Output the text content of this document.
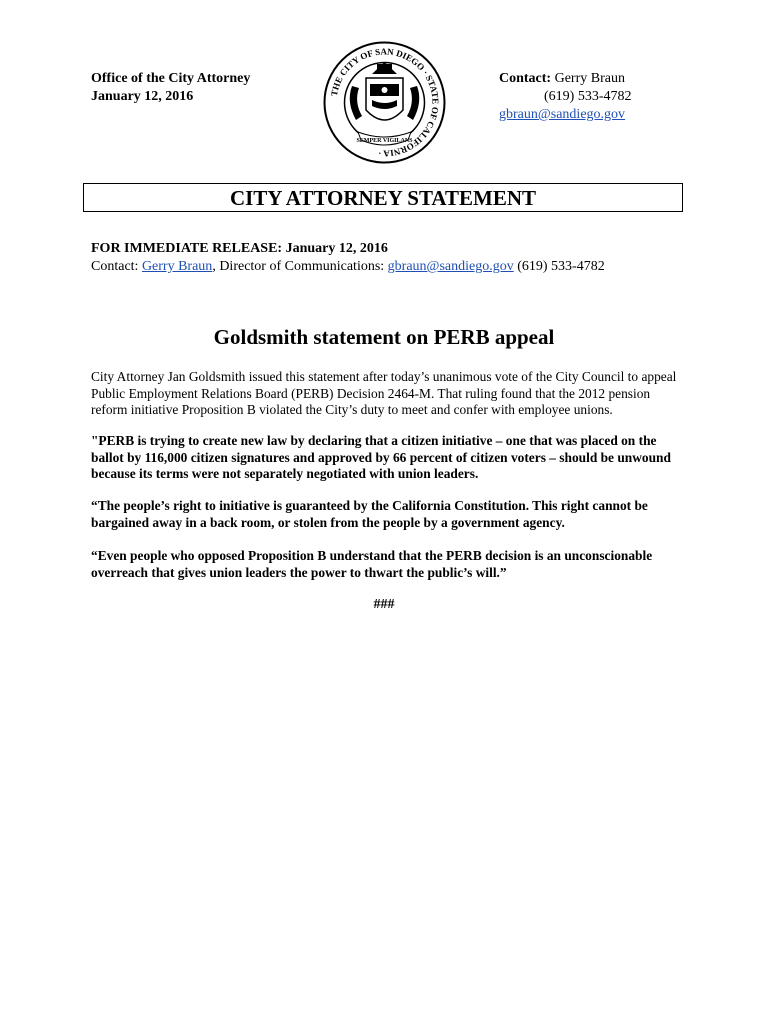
Office of the City Attorney
January 12, 2016	THE CITY OF SAN DIEGO · STATE OF CALIFORNIA ·
SEMPER VIGILANS
Contact: Gerry Braun
(619) 533-4782
gbraun@sandiego.gov
CITY ATTORNEY STATEMENT
FOR IMMEDIATE RELEASE: January 12, 2016
Contact: Gerry Braun, Director of Communications: gbraun@sandiego.gov (619) 533-4782
Goldsmith statement on PERB appeal
City Attorney Jan Goldsmith issued this statement after today’s unanimous vote of the City Council to appeal Public Employment Relations Board (PERB) Decision 2464-M. That ruling found that the 2012 pension reform initiative Proposition B violated the City’s duty to meet and confer with employee unions.
"PERB is trying to create new law by declaring that a citizen initiative – one that was placed on the ballot by 116,000 citizen signatures and approved by 66 percent of citizen voters – should be unwound because its terms were not separately negotiated with union leaders.
“The people’s right to initiative is guaranteed by the California Constitution. This right cannot be bargained away in a back room, or stolen from the people by a government agency.
“Even people who opposed Proposition B understand that the PERB decision is an unconscionable overreach that gives union leaders the power to thwart the public’s will.”
###
